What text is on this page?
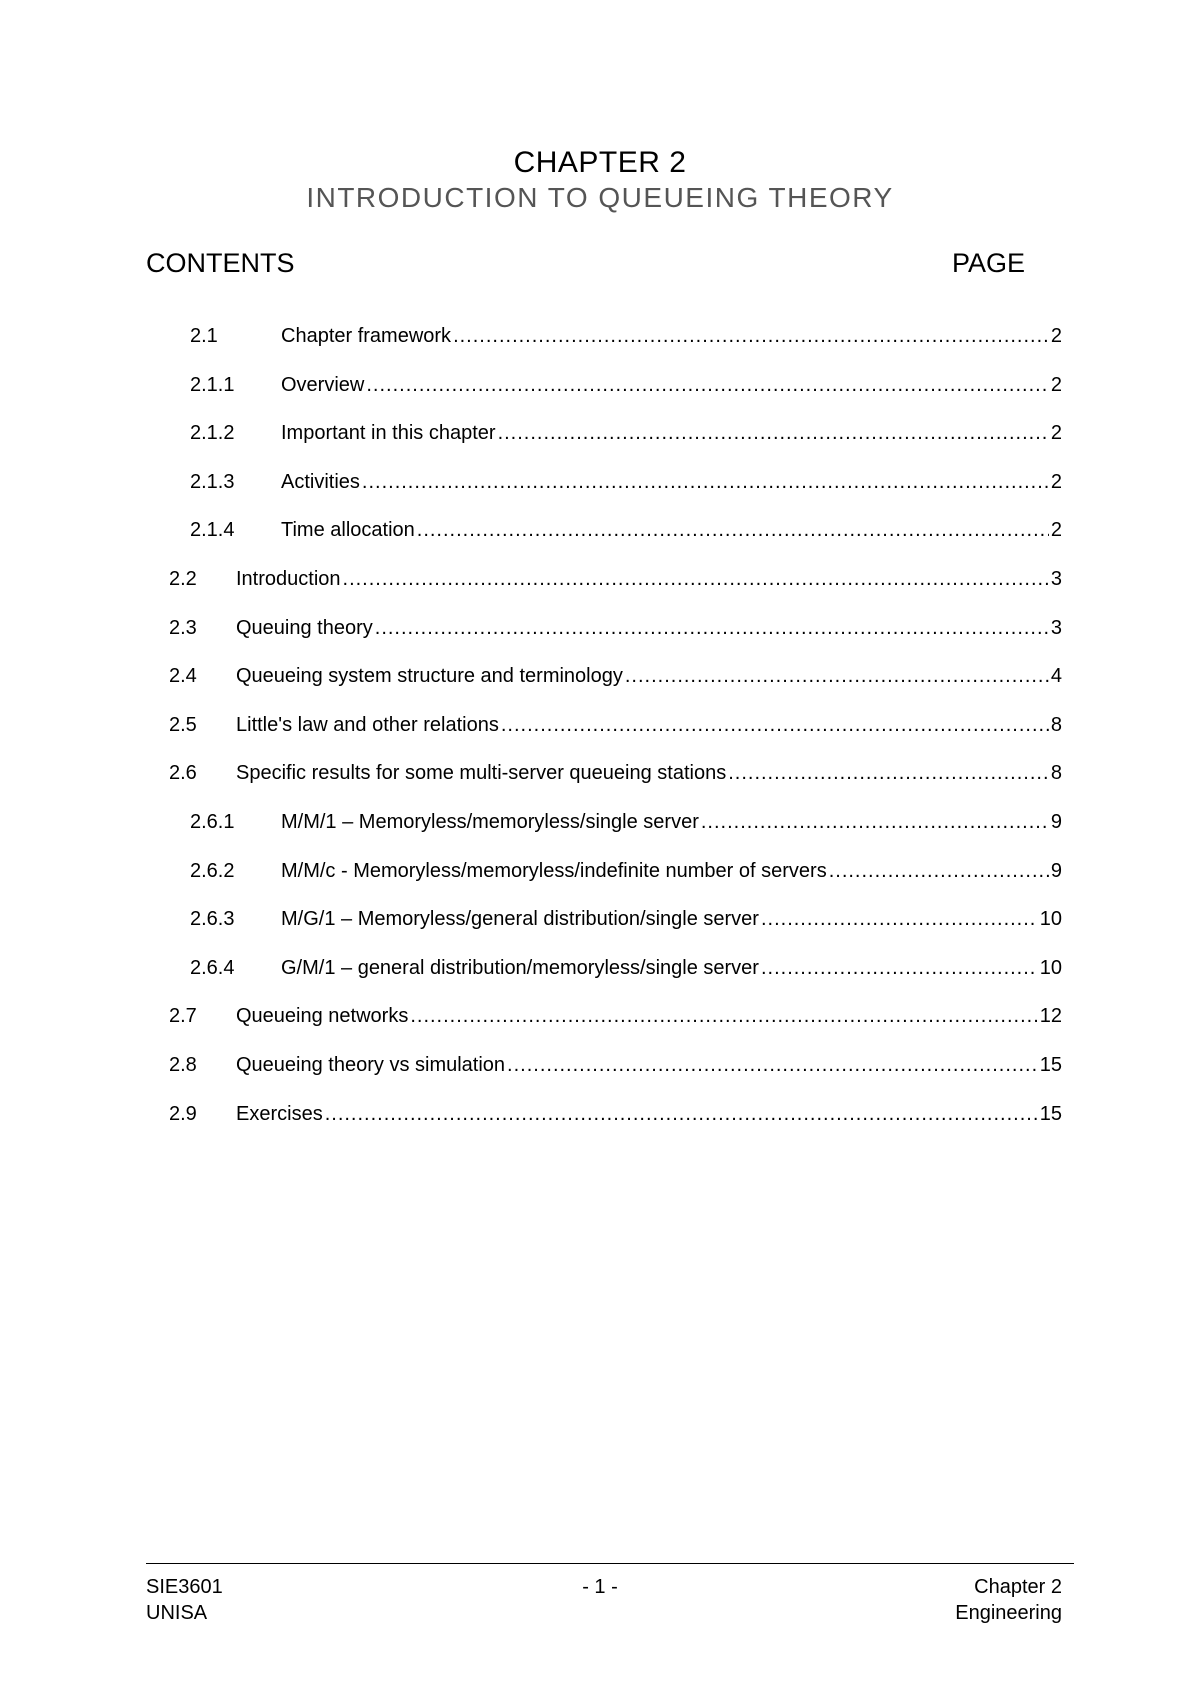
CHAPTER 2
INTRODUCTION TO QUEUEING THEORY
CONTENTS	PAGE
2.1	Chapter framework .....	2
2.1.1	Overview .....	2
2.1.2	Important in this chapter .....	2
2.1.3	Activities .....	2
2.1.4	Time allocation .....	2
2.2	Introduction .....	3
2.3	Queuing theory .....	3
2.4	Queueing system structure and terminology .....	4
2.5	Little's law and other relations .....	8
2.6	Specific results for some multi-server queueing stations .....	8
2.6.1	M/M/1 – Memoryless/memoryless/single server .....	9
2.6.2	M/M/c - Memoryless/memoryless/indefinite number of servers .....	9
2.6.3	M/G/1 – Memoryless/general distribution/single server .....	10
2.6.4	G/M/1 – general distribution/memoryless/single server .....	10
2.7	Queueing networks .....	12
2.8	Queueing theory vs simulation .....	15
2.9	Exercises .....	15
SIE3601
UNISA
- 1 -	Chapter 2
Engineering
